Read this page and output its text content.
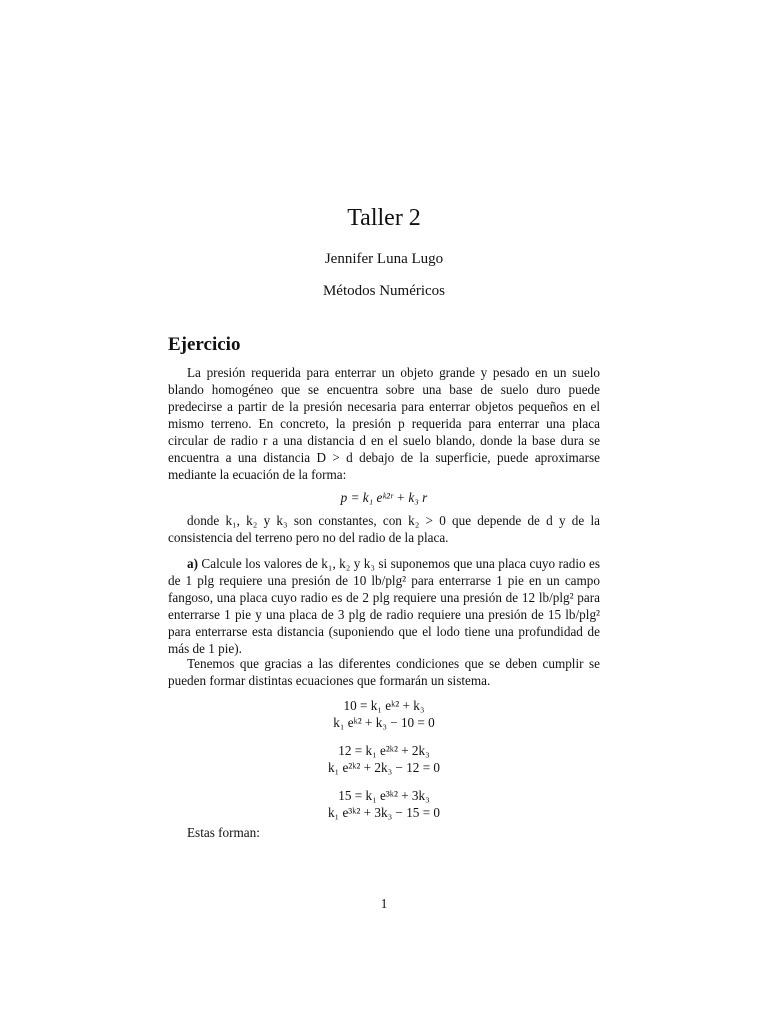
Taller 2
Jennifer Luna Lugo
Métodos Numéricos
Ejercicio

La presión requerida para enterrar un objeto grande y pesado en un suelo blando homogéneo que se encuentra sobre una base de suelo duro puede predecirse a partir de la presión necesaria para enterrar objetos pequeños en el mismo terreno. En concreto, la presión p requerida para enterrar una placa circular de radio r a una distancia d en el suelo blando, donde la base dura se encuentra a una distancia D > d debajo de la superficie, puede aproximarse mediante la ecuación de la forma:

p = k₁ eᵏ²ʳ + k₃ r

donde k₁, k₂ y k₃ son constantes, con k₂ > 0 que depende de d y de la consistencia del terreno pero no del radio de la placa.

a) Calcule los valores de k₁, k₂ y k₃ si suponemos que una placa cuyo radio es de 1 plg requiere una presión de 10 lb/plg² para enterrarse 1 pie en un campo fangoso, una placa cuyo radio es de 2 plg requiere una presión de 12 lb/plg² para enterrarse 1 pie y una placa de 3 plg de radio requiere una presión de 15 lb/plg² para enterrarse esta distancia (suponiendo que el lodo tiene una profundidad de más de 1 pie).

Tenemos que gracias a las diferentes condiciones que se deben cumplir se pueden formar distintas ecuaciones que formarán un sistema.

10 = k₁ eᵏ² + k₃
k₁ eᵏ² + k₃ − 10 = 0
12 = k₁ e²ᵏ² + 2k₃
k₁ e²ᵏ² + 2k₃ − 12 = 0
15 = k₁ e³ᵏ² + 3k₃
k₁ e³ᵏ² + 3k₃ − 15 = 0

Estas forman:

1
